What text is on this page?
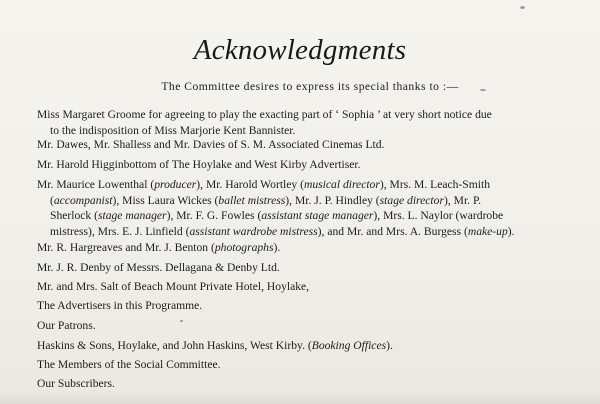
Acknowledgments
The Committee desires to express its special thanks to :—
Miss Margaret Groome for agreeing to play the exacting part of ‘ Sophia ’ at very short notice due
to the indisposition of Miss Marjorie Kent Bannister.
Mr. Dawes, Mr. Shalless and Mr. Davies of S. M. Associated Cinemas Ltd.
Mr. Harold Higginbottom of The Hoylake and West Kirby Advertiser.
Mr. Maurice Lowenthal (producer), Mr. Harold Wortley (musical director), Mrs. M. Leach-Smith
(accompanist), Miss Laura Wickes (ballet mistress), Mr. J. P. Hindley (stage director), Mr. P.
Sherlock (stage manager), Mr. F. G. Fowles (assistant stage manager), Mrs. L. Naylor (wardrobe
mistress), Mrs. E. J. Linfield (assistant wardrobe mistress), and Mr. and Mrs. A. Burgess (make-up).
Mr. R. Hargreaves and Mr. J. Benton (photographs).
Mr. J. R. Denby of Messrs. Dellagana & Denby Ltd.
Mr. and Mrs. Salt of Beach Mount Private Hotel, Hoylake,
The Advertisers in this Programme.
Our Patrons.
Haskins & Sons, Hoylake, and John Haskins, West Kirby. (Booking Offices).
The Members of the Social Committee.
Our Subscribers.
